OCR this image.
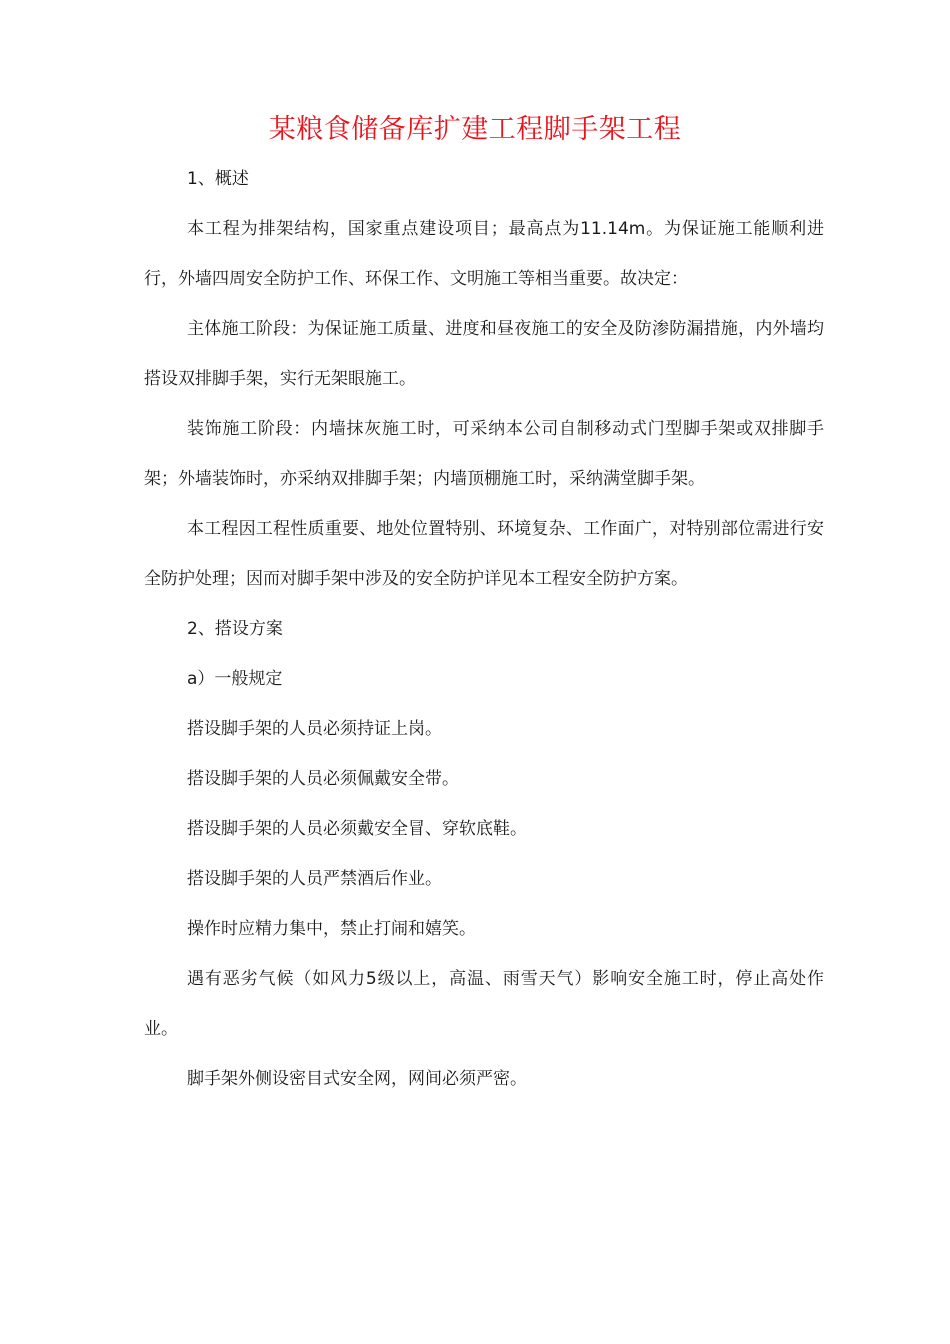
某粮食储备库扩建工程脚手架工程

1、概述

本工程为排架结构，国家重点建设项目；最高点为11.14m。为保证施工能顺利进行，外墙四周安全防护工作、环保工作、文明施工等相当重要。故决定：

主体施工阶段：为保证施工质量、进度和昼夜施工的安全及防渗防漏措施，内外墙均搭设双排脚手架，实行无架眼施工。

装饰施工阶段：内墙抹灰施工时，可采纳本公司自制移动式门型脚手架或双排脚手架；外墙装饰时，亦采纳双排脚手架；内墙顶棚施工时，采纳满堂脚手架。

本工程因工程性质重要、地处位置特别、环境复杂、工作面广，对特别部位需进行安全防护处理；因而对脚手架中涉及的安全防护详见本工程安全防护方案。

2、搭设方案

a）一般规定

搭设脚手架的人员必须持证上岗。

搭设脚手架的人员必须佩戴安全带。

搭设脚手架的人员必须戴安全冒、穿软底鞋。

搭设脚手架的人员严禁酒后作业。

操作时应精力集中，禁止打闹和嬉笑。

遇有恶劣气候（如风力5级以上，高温、雨雪天气）影响安全施工时，停止高处作业。

脚手架外侧设密目式安全网，网间必须严密。
